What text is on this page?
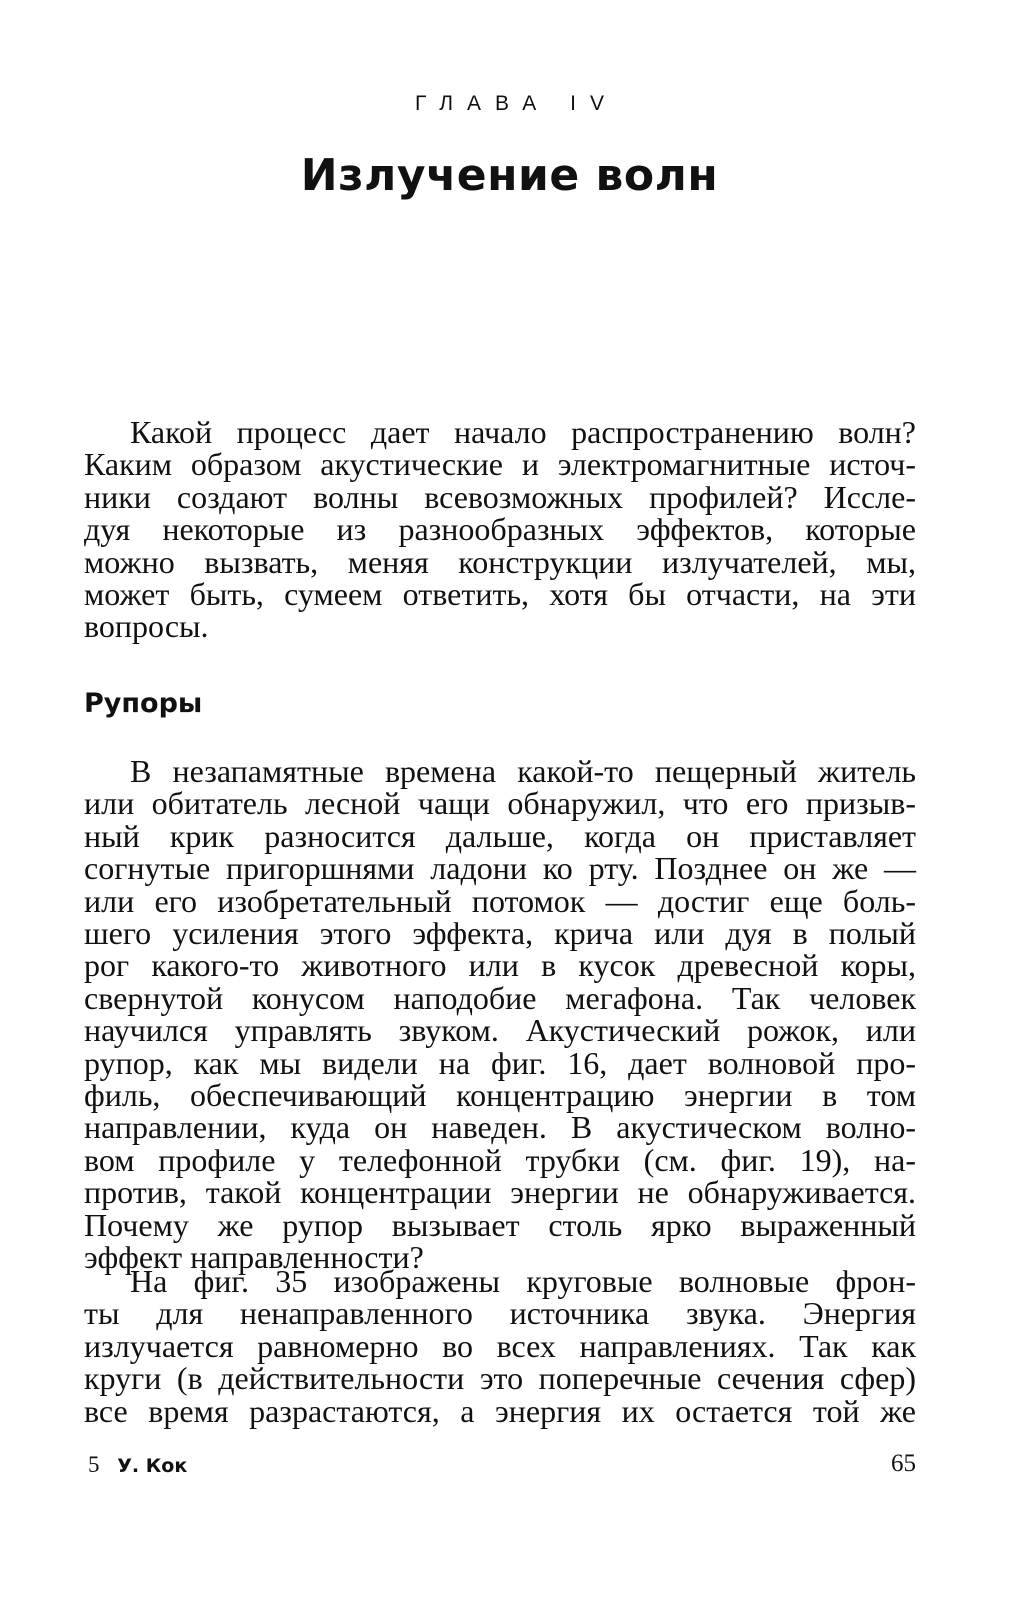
ГЛАВА IV
Излучение волн

Какой процесс дает начало распространению волн?
Каким образом акустические и электромагнитные источ-
ники создают волны всевозможных профилей? Иссле-
дуя некоторые из разнообразных эффектов, которые
можно вызвать, меняя конструкции излучателей, мы,
может быть, сумеем ответить, хотя бы отчасти, на эти
вопросы.

Рупоры

В незапамятные времена какой-то пещерный житель
или обитатель лесной чащи обнаружил, что его призыв-
ный крик разносится дальше, когда он приставляет
согнутые пригоршнями ладони ко рту. Позднее он же —
или его изобретательный потомок — достиг еще боль-
шего усиления этого эффекта, крича или дуя в полый
рог какого-то животного или в кусок древесной коры,
свернутой конусом наподобие мегафона. Так человек
научился управлять звуком. Акустический рожок, или
рупор, как мы видели на фиг. 16, дает волновой про-
филь, обеспечивающий концентрацию энергии в том
направлении, куда он наведен. В акустическом волно-
вом профиле у телефонной трубки (см. фиг. 19), на-
против, такой концентрации энергии не обнаруживается.
Почему же рупор вызывает столь ярко выраженный
эффект направленности?

На фиг. 35 изображены круговые волновые фрон-
ты для ненаправленного источника звука. Энергия
излучается равномерно во всех направлениях. Так как
круги (в действительности это поперечные сечения сфер)
все время разрастаются, а энергия их остается той же

5 У. Кок	65
